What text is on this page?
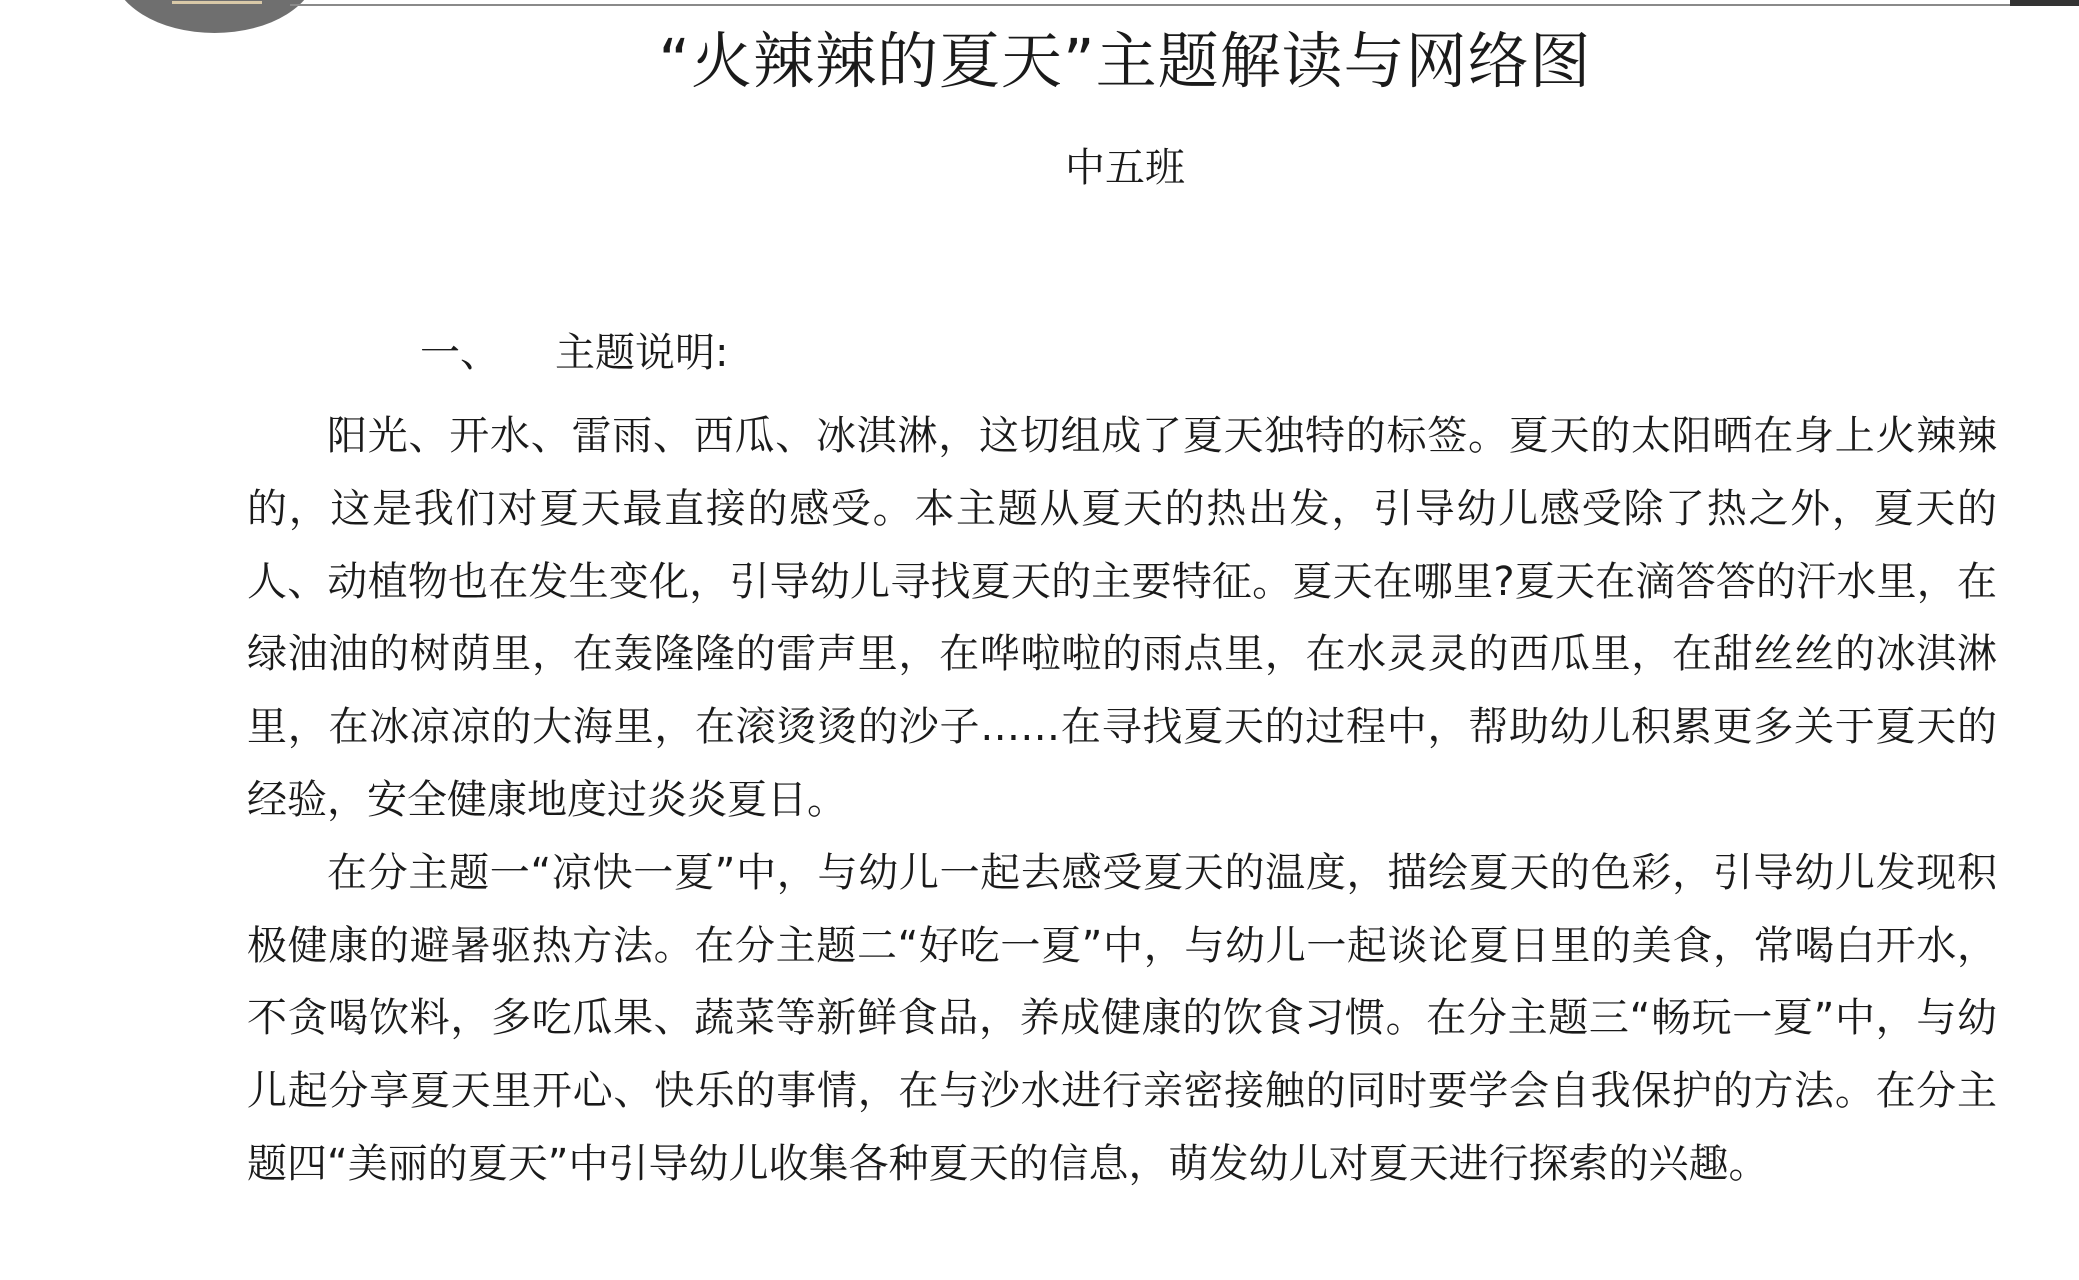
“火辣辣的夏天”主题解读与网络图
中五班
一、 主题说明:

阳光、开水、雷雨、西瓜、冰淇淋，这切组成了夏天独特的标签。夏天的太阳晒在身上火辣辣的，这是我们对夏天最直接的感受。本主题从夏天的热出发，引导幼儿感受除了热之外，夏天的人、动植物也在发生变化，引导幼儿寻找夏天的主要特征。夏天在哪里?夏天在滴答答的汗水里，在绿油油的树荫里，在轰隆隆的雷声里，在哗啦啦的雨点里，在水灵灵的西瓜里，在甜丝丝的冰淇淋里，在冰凉凉的大海里，在滚烫烫的沙子……在寻找夏天的过程中，帮助幼儿积累更多关于夏天的经验，安全健康地度过炎炎夏日。

在分主题一“凉快一夏”中，与幼儿一起去感受夏天的温度，描绘夏天的色彩，引导幼儿发现积极健康的避暑驱热方法。在分主题二“好吃一夏”中，与幼儿一起谈论夏日里的美食，常喝白开水，不贪喝饮料，多吃瓜果、蔬菜等新鲜食品，养成健康的饮食习惯。在分主题三“畅玩一夏”中，与幼儿起分享夏天里开心、快乐的事情，在与沙水进行亲密接触的同时要学会自我保护的方法。在分主题四“美丽的夏天”中引导幼儿收集各种夏天的信息，萌发幼儿对夏天进行探索的兴趣。
